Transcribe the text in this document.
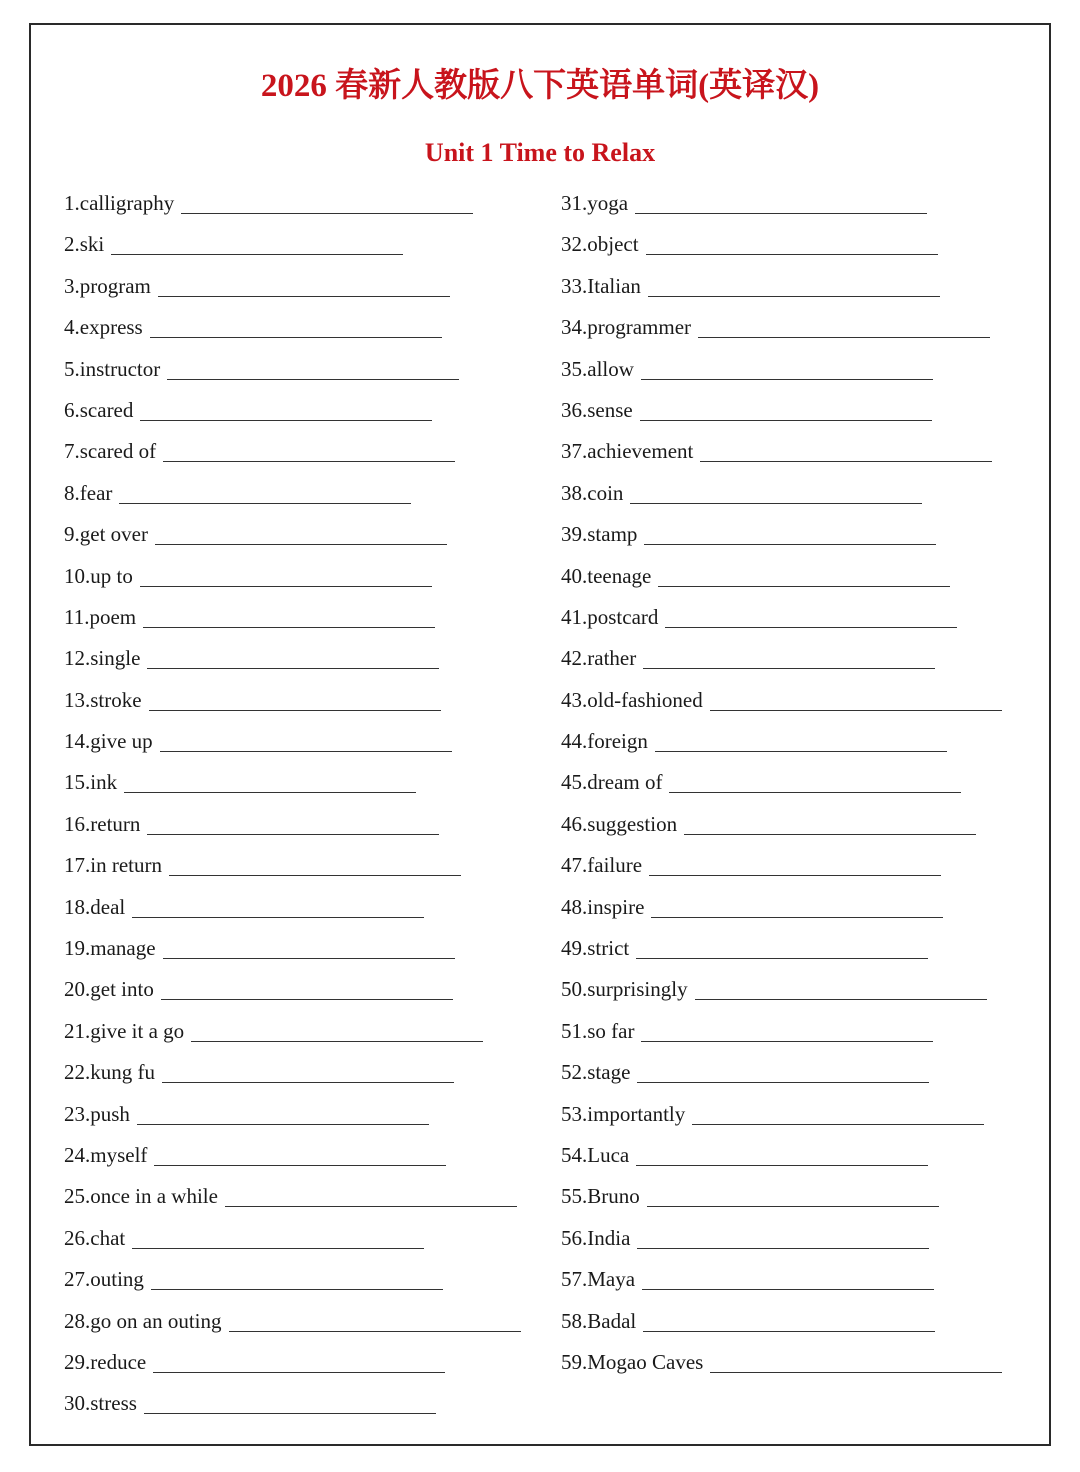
2026 春新人教版八下英语单词(英译汉)
Unit 1 Time to Relax
1.calligraphy
2.ski
3.program
4.express
5.instructor
6.scared
7.scared of
8.fear
9.get over
10.up to
11.poem
12.single
13.stroke
14.give up
15.ink
16.return
17.in return
18.deal
19.manage
20.get into
21.give it a go
22.kung fu
23.push
24.myself
25.once in a while
26.chat
27.outing
28.go on an outing
29.reduce
30.stress
31.yoga
32.object
33.Italian
34.programmer
35.allow
36.sense
37.achievement
38.coin
39.stamp
40.teenage
41.postcard
42.rather
43.old-fashioned
44.foreign
45.dream of
46.suggestion
47.failure
48.inspire
49.strict
50.surprisingly
51.so far
52.stage
53.importantly
54.Luca
55.Bruno
56.India
57.Maya
58.Badal
59.Mogao Caves
